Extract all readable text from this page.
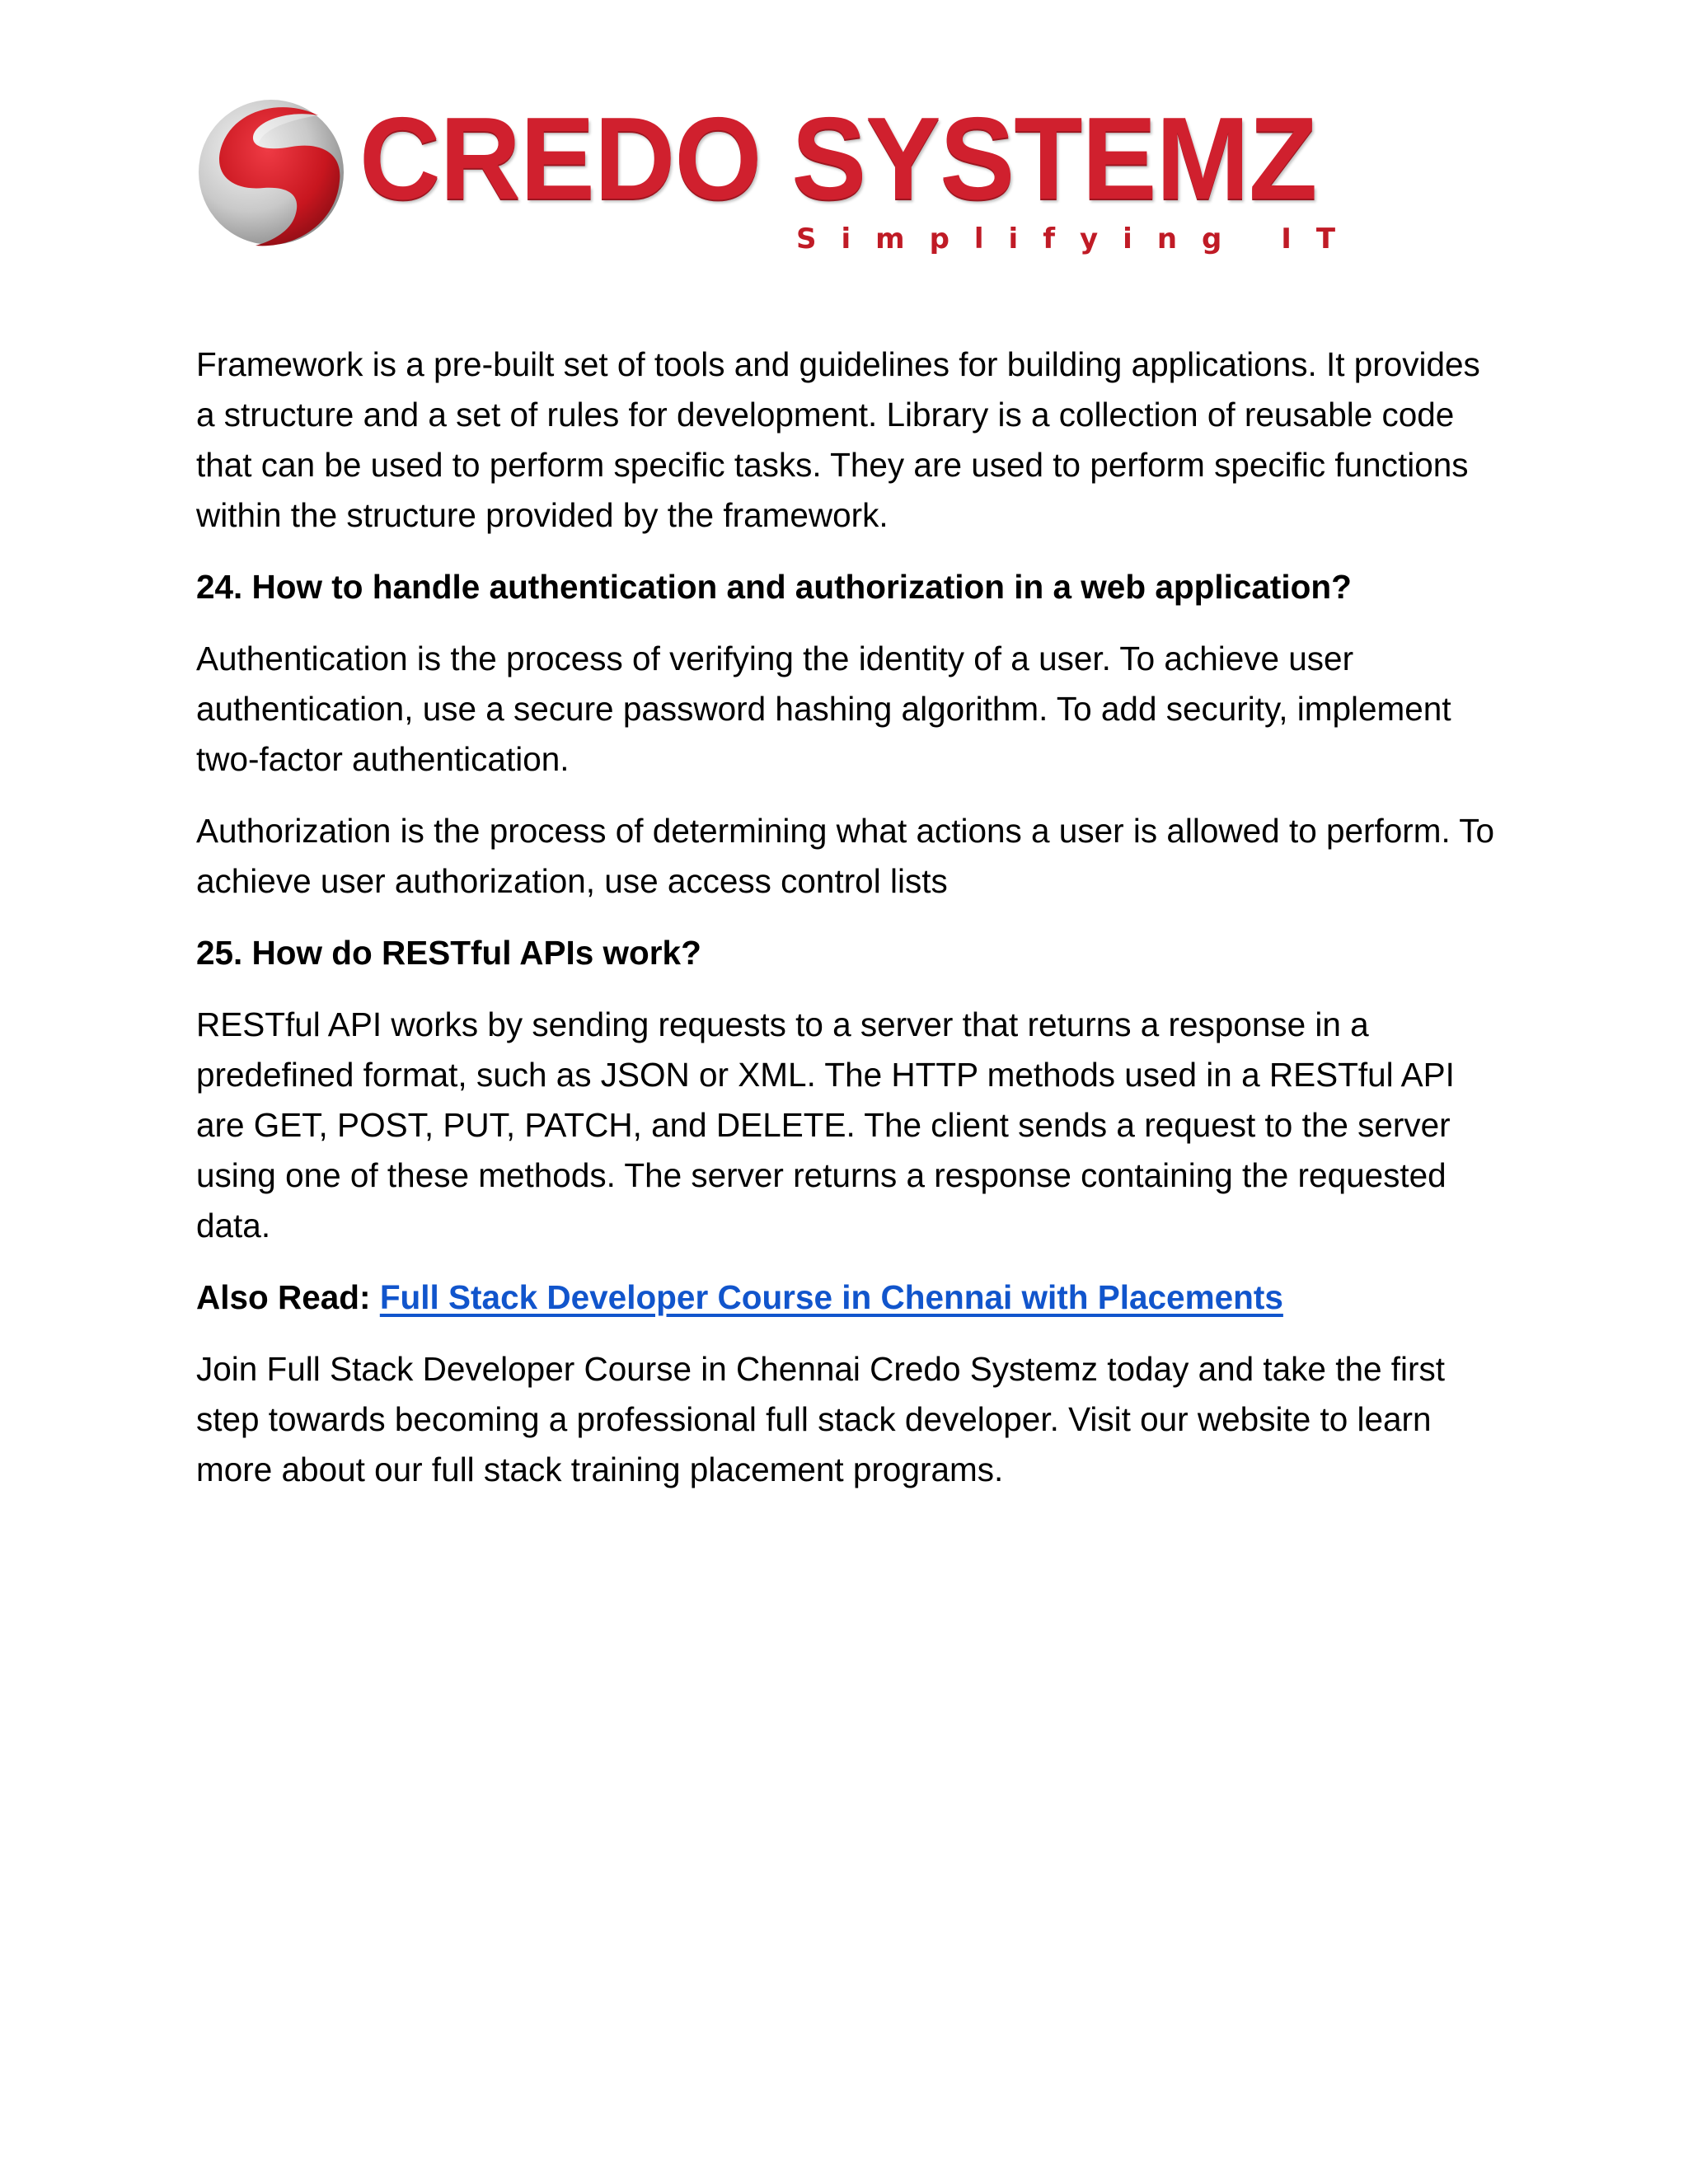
CREDO SYSTEMZ
Simplifying IT

Framework is a pre-built set of tools and guidelines for building applications. It provides a structure and a set of rules for development. Library is a collection of reusable code that can be used to perform specific tasks. They are used to perform specific functions within the structure provided by the framework.

24. How to handle authentication and authorization in a web application?

Authentication is the process of verifying the identity of a user. To achieve user authentication, use a secure password hashing algorithm. To add security, implement two-factor authentication.

Authorization is the process of determining what actions a user is allowed to perform. To achieve user authorization, use access control lists

25. How do RESTful APIs work?

RESTful API works by sending requests to a server that returns a response in a predefined format, such as JSON or XML. The HTTP methods used in a RESTful API are GET, POST, PUT, PATCH, and DELETE. The client sends a request to the server using one of these methods. The server returns a response containing the requested data.

Also Read: Full Stack Developer Course in Chennai with Placements

Join Full Stack Developer Course in Chennai Credo Systemz today and take the first step towards becoming a professional full stack developer. Visit our website to learn more about our full stack training placement programs.
